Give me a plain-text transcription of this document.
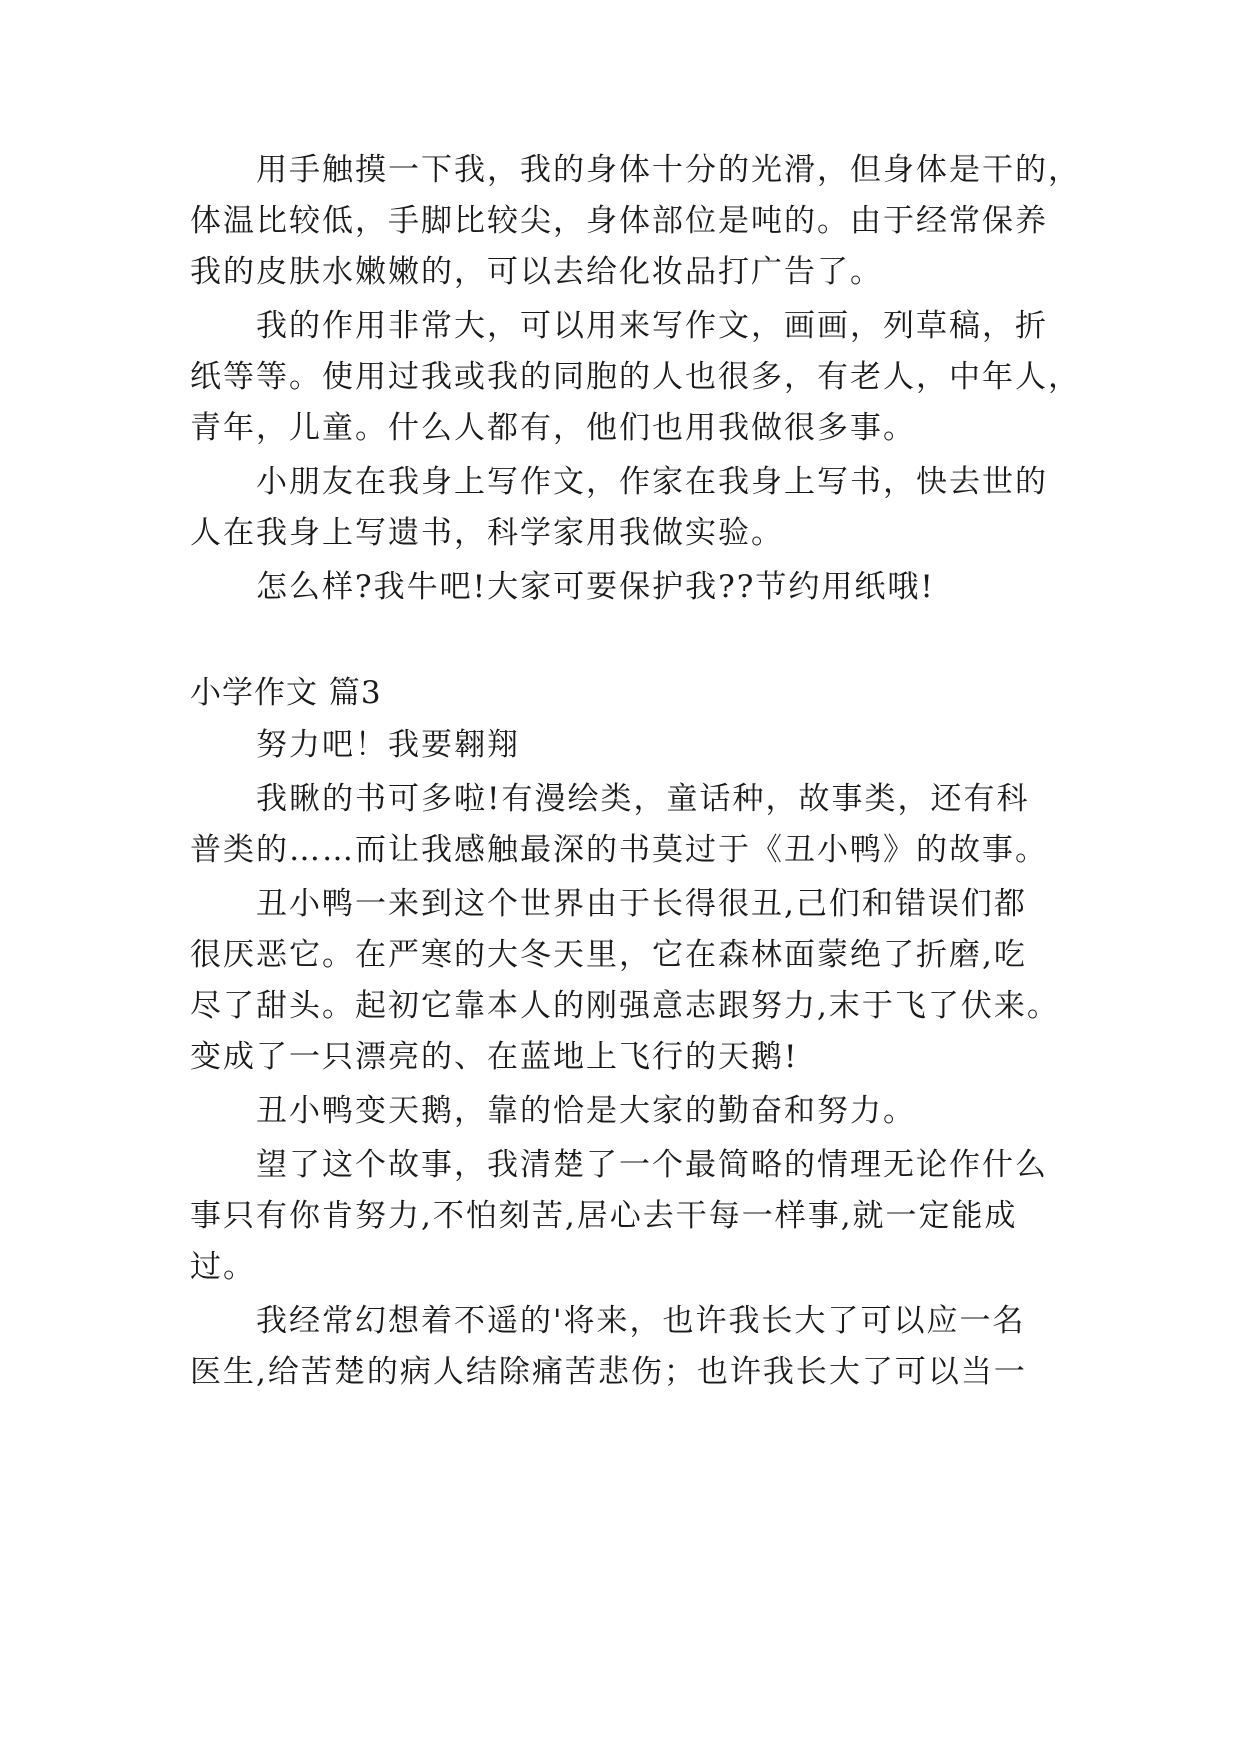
用手触摸一下我，我的身体十分的光滑，但身体是干的，
体温比较低，手脚比较尖，身体部位是吨的。由于经常保养
我的皮肤水嫩嫩的，可以去给化妆品打广告了。
我的作用非常大，可以用来写作文，画画，列草稿，折
纸等等。使用过我或我的同胞的人也很多，有老人，中年人，
青年，儿童。什么人都有，他们也用我做很多事。
小朋友在我身上写作文，作家在我身上写书，快去世的
人在我身上写遗书，科学家用我做实验。
怎么样?我牛吧!大家可要保护我??节约用纸哦!
小学作文 篇3
努力吧！我要翱翔
我瞅的书可多啦!有漫绘类，童话种，故事类，还有科
普类的……而让我感触最深的书莫过于《丑小鸭》的故事。
丑小鸭一来到这个世界由于长得很丑,己们和错误们都
很厌恶它。在严寒的大冬天里，它在森林面蒙绝了折磨,吃
尽了甜头。起初它靠本人的刚强意志跟努力,末于飞了伏来。
变成了一只漂亮的、在蓝地上飞行的天鹅!
丑小鸭变天鹅，靠的恰是大家的勤奋和努力。
望了这个故事，我清楚了一个最简略的情理无论作什么
事只有你肯努力,不怕刻苦,居心去干每一样事,就一定能成
过。
我经常幻想着不遥的'将来，也许我长大了可以应一名
医生,给苦楚的病人结除痛苦悲伤；也许我长大了可以当一
